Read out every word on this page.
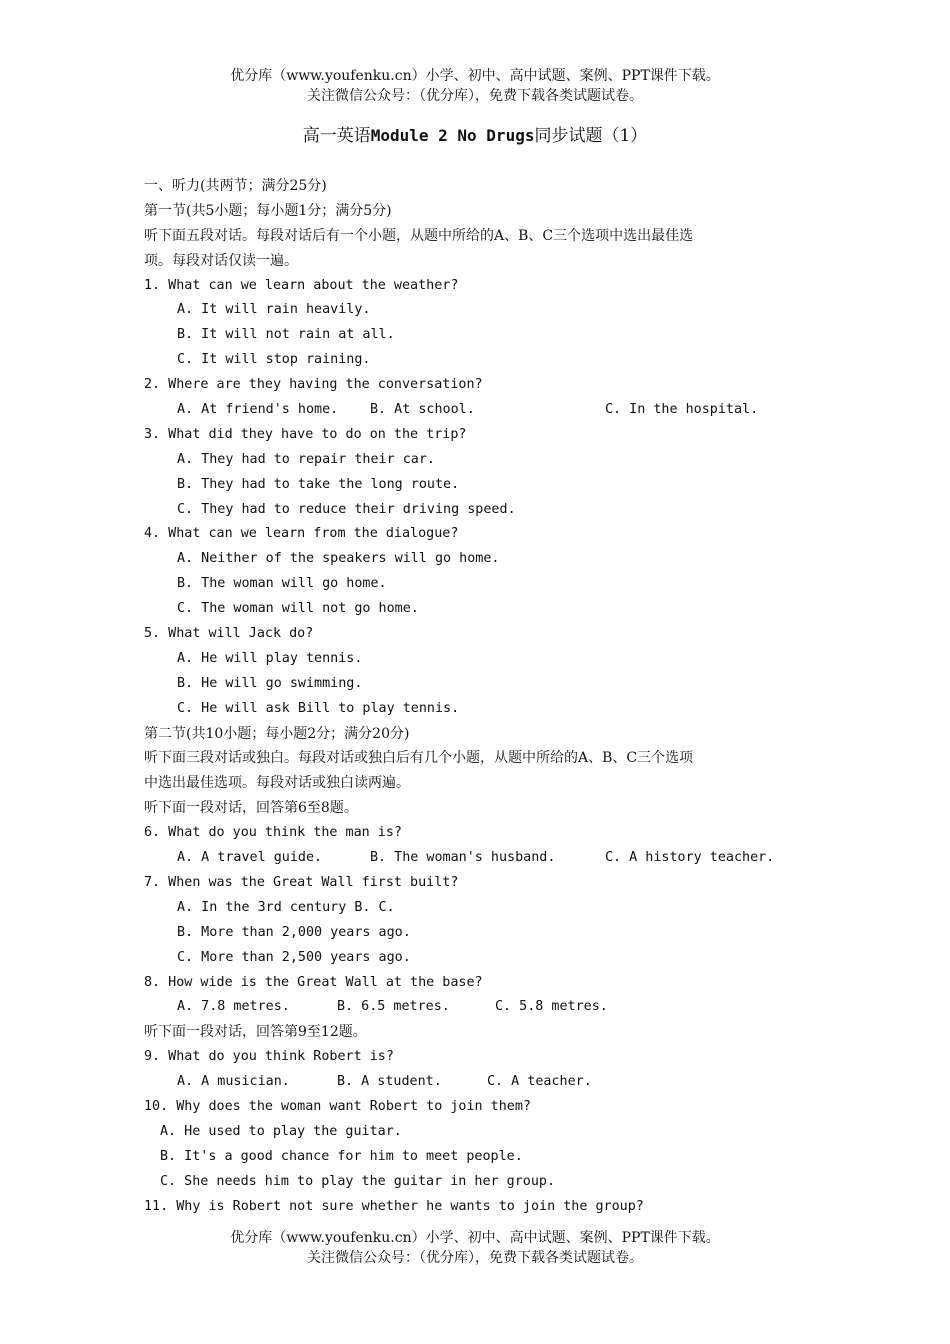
优分库（www.youfenku.cn）小学、初中、高中试题、案例、PPT课件下载。
关注微信公众号：（优分库），免费下载各类试题试卷。
高一英语Module 2 No Drugs同步试题（1）
一、听力(共两节；满分25分)
第一节(共5小题；每小题1分；满分5分)
听下面五段对话。每段对话后有一个小题，从题中所给的A、B、C三个选项中选出最佳选
项。每段对话仅读一遍。
1. What can we learn about the weather?
A. It will rain heavily.
B. It will not rain at all.
C. It will stop raining.
2. Where are they having the conversation?
A. At friend's home. B. At school.	C. In the hospital.
3. What did they have to do on the trip?
A. They had to repair their car.
B. They had to take the long route.
C. They had to reduce their driving speed.
4. What can we learn from the dialogue?
A. Neither of the speakers will go home.
B. The woman will go home.
C. The woman will not go home.
5. What will Jack do?
A. He will play tennis.
B. He will go swimming.
C. He will ask Bill to play tennis.
第二节(共10小题；每小题2分；满分20分)
听下面三段对话或独白。每段对话或独白后有几个小题，从题中所给的A、B、C三个选项
中选出最佳选项。每段对话或独白读两遍。
听下面一段对话，回答第6至8题。
6. What do you think the man is?
A. A travel guide.	B. The woman's husband.	C. A history teacher.
7. When was the Great Wall first built?
A. In the 3rd century B. C.
B. More than 2,000 years ago.
C. More than 2,500 years ago.
8. How wide is the Great Wall at the base?
A. 7.8 metres.	B. 6.5 metres.	C. 5.8 metres.
听下面一段对话，回答第9至12题。
9. What do you think Robert is?
A. A musician.	B. A student.	C. A teacher.
10. Why does the woman want Robert to join them?
A. He used to play the guitar.
B. It's a good chance for him to meet people.
C. She needs him to play the guitar in her group.
11. Why is Robert not sure whether he wants to join the group?
优分库（www.youfenku.cn）小学、初中、高中试题、案例、PPT课件下载。
关注微信公众号：（优分库），免费下载各类试题试卷。
